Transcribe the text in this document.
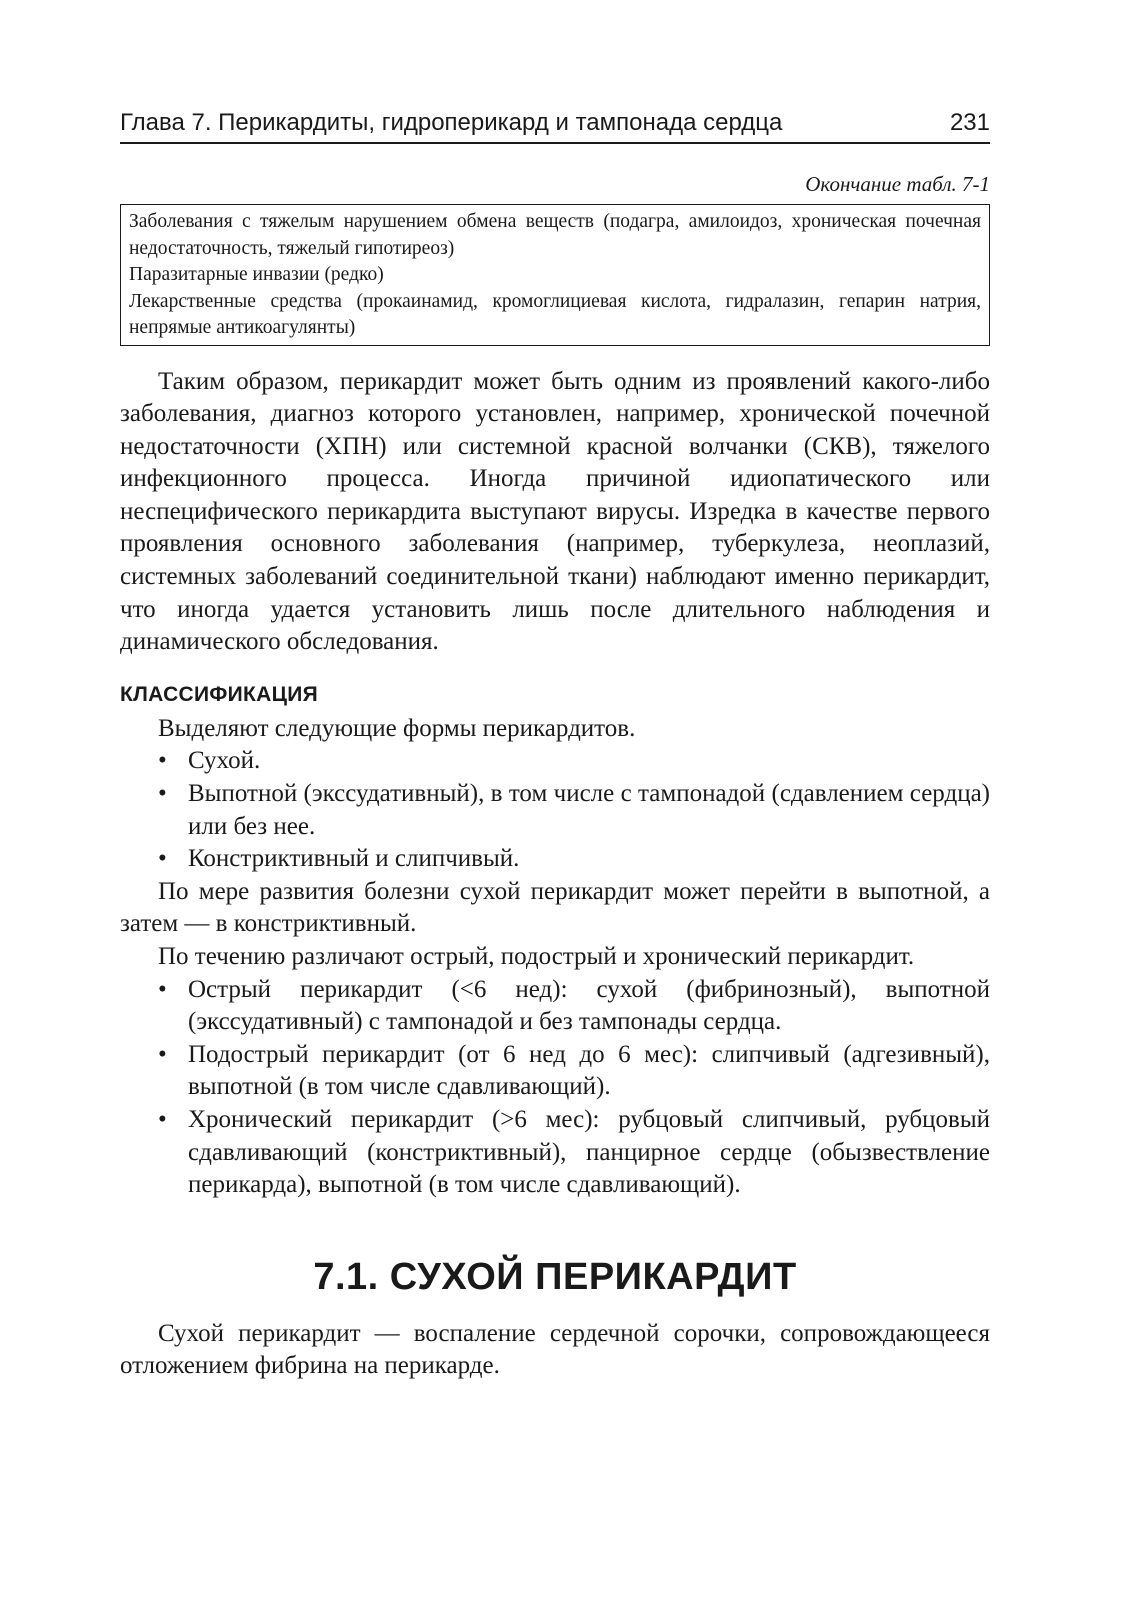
Глава 7. Перикардиты, гидроперикард и тампонада сердца	231
Окончание табл. 7-1

Заболевания с тяжелым нарушением обмена веществ (подагра, амилоидоз, хроническая почечная недостаточность, тяжелый гипотиреоз)

Паразитарные инвазии (редко)

Лекарственные средства (прокаинамид, кромоглициевая кислота, гидралазин, гепарин натрия, непрямые антикоагулянты)

Таким образом, перикардит может быть одним из проявлений какого-либо заболевания, диагноз которого установлен, например, хронической почечной недостаточности (ХПН) или системной красной волчанки (СКВ), тяжелого инфекционного процесса. Иногда причиной идиопатического или неспецифического перикардита выступают вирусы. Изредка в качестве первого проявления основного заболевания (например, туберкулеза, неоплазий, системных заболеваний соединительной ткани) наблюдают именно перикардит, что иногда удается установить лишь после длительного наблюдения и динамического обследования.

КЛАССИФИКАЦИЯ

Выделяют следующие формы перикардитов.

• Сухой.
• Выпотной (экссудативный), в том числе с тампонадой (сдавлением сердца) или без нее.
• Констриктивный и слипчивый.

По мере развития болезни сухой перикардит может перейти в выпотной, а затем — в констриктивный.

По течению различают острый, подострый и хронический перикардит.

• Острый перикардит (<6 нед): сухой (фибринозный), выпотной (экссудативный) с тампонадой и без тампонады сердца.
• Подострый перикардит (от 6 нед до 6 мес): слипчивый (адгезивный), выпотной (в том числе сдавливающий).
• Хронический перикардит (>6 мес): рубцовый слипчивый, рубцовый сдавливающий (констриктивный), панцирное сердце (обызвествление перикарда), выпотной (в том числе сдавливающий).
7.1. СУХОЙ ПЕРИКАРДИТ

Сухой перикардит — воспаление сердечной сорочки, сопровождающееся отложением фибрина на перикарде.
